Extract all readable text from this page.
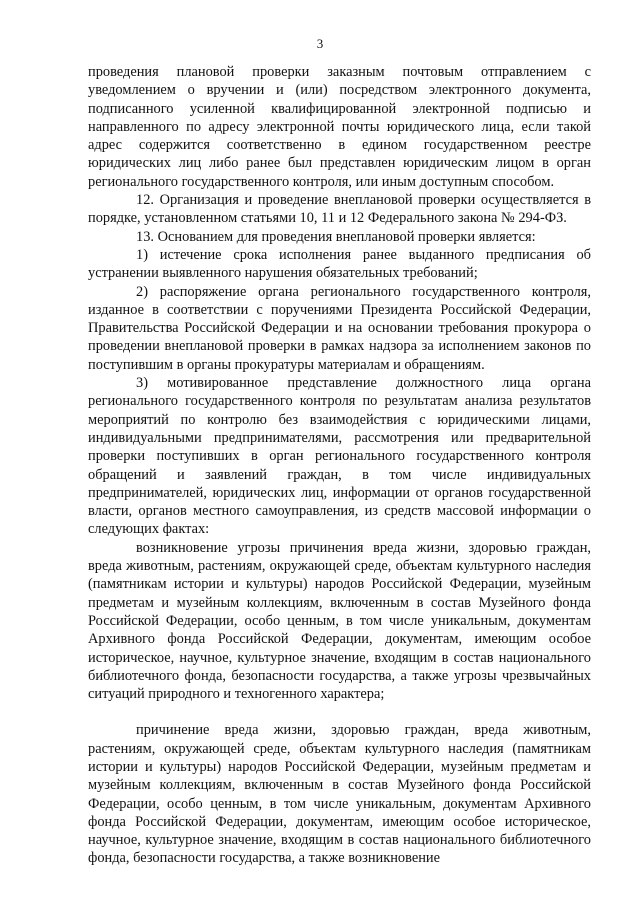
3

проведения плановой проверки заказным почтовым отправлением с уведомлением о вручении и (или) посредством электронного документа, подписанного усиленной квалифицированной электронной подписью и направленного по адресу электронной почты юридического лица, если такой адрес содержится соответственно в едином государственном реестре юридических лиц либо ранее был представлен юридическим лицом в орган регионального государственного контроля, или иным доступным способом.

12. Организация и проведение внеплановой проверки осуществляется в порядке, установленном статьями 10, 11 и 12 Федерального закона № 294-ФЗ.

13. Основанием для проведения внеплановой проверки является:

1) истечение срока исполнения ранее выданного предписания об устранении выявленного нарушения обязательных требований;

2) распоряжение органа регионального государственного контроля, изданное в соответствии с поручениями Президента Российской Федерации, Правительства Российской Федерации и на основании требования прокурора о проведении внеплановой проверки в рамках надзора за исполнением законов по поступившим в органы прокуратуры материалам и обращениям.

3) мотивированное представление должностного лица органа регионального государственного контроля по результатам анализа результатов мероприятий по контролю без взаимодействия с юридическими лицами, индивидуальными предпринимателями, рассмотрения или предварительной проверки поступивших в орган регионального государственного контроля обращений и заявлений граждан, в том числе индивидуальных предпринимателей, юридических лиц, информации от органов государственной власти, органов местного самоуправления, из средств массовой информации о следующих фактах:

возникновение угрозы причинения вреда жизни, здоровью граждан, вреда животным, растениям, окружающей среде, объектам культурного наследия (памятникам истории и культуры) народов Российской Федерации, музейным предметам и музейным коллекциям, включенным в состав Музейного фонда Российской Федерации, особо ценным, в том числе уникальным, документам Архивного фонда Российской Федерации, документам, имеющим особое историческое, научное, культурное значение, входящим в состав национального библиотечного фонда, безопасности государства, а также угрозы чрезвычайных ситуаций природного и техногенного характера;

причинение вреда жизни, здоровью граждан, вреда животным, растениям, окружающей среде, объектам культурного наследия (памятникам истории и культуры) народов Российской Федерации, музейным предметам и музейным коллекциям, включенным в состав Музейного фонда Российской Федерации, особо ценным, в том числе уникальным, документам Архивного фонда Российской Федерации, документам, имеющим особое историческое, научное, культурное значение, входящим в состав национального библиотечного фонда, безопасности государства, а также возникновение
